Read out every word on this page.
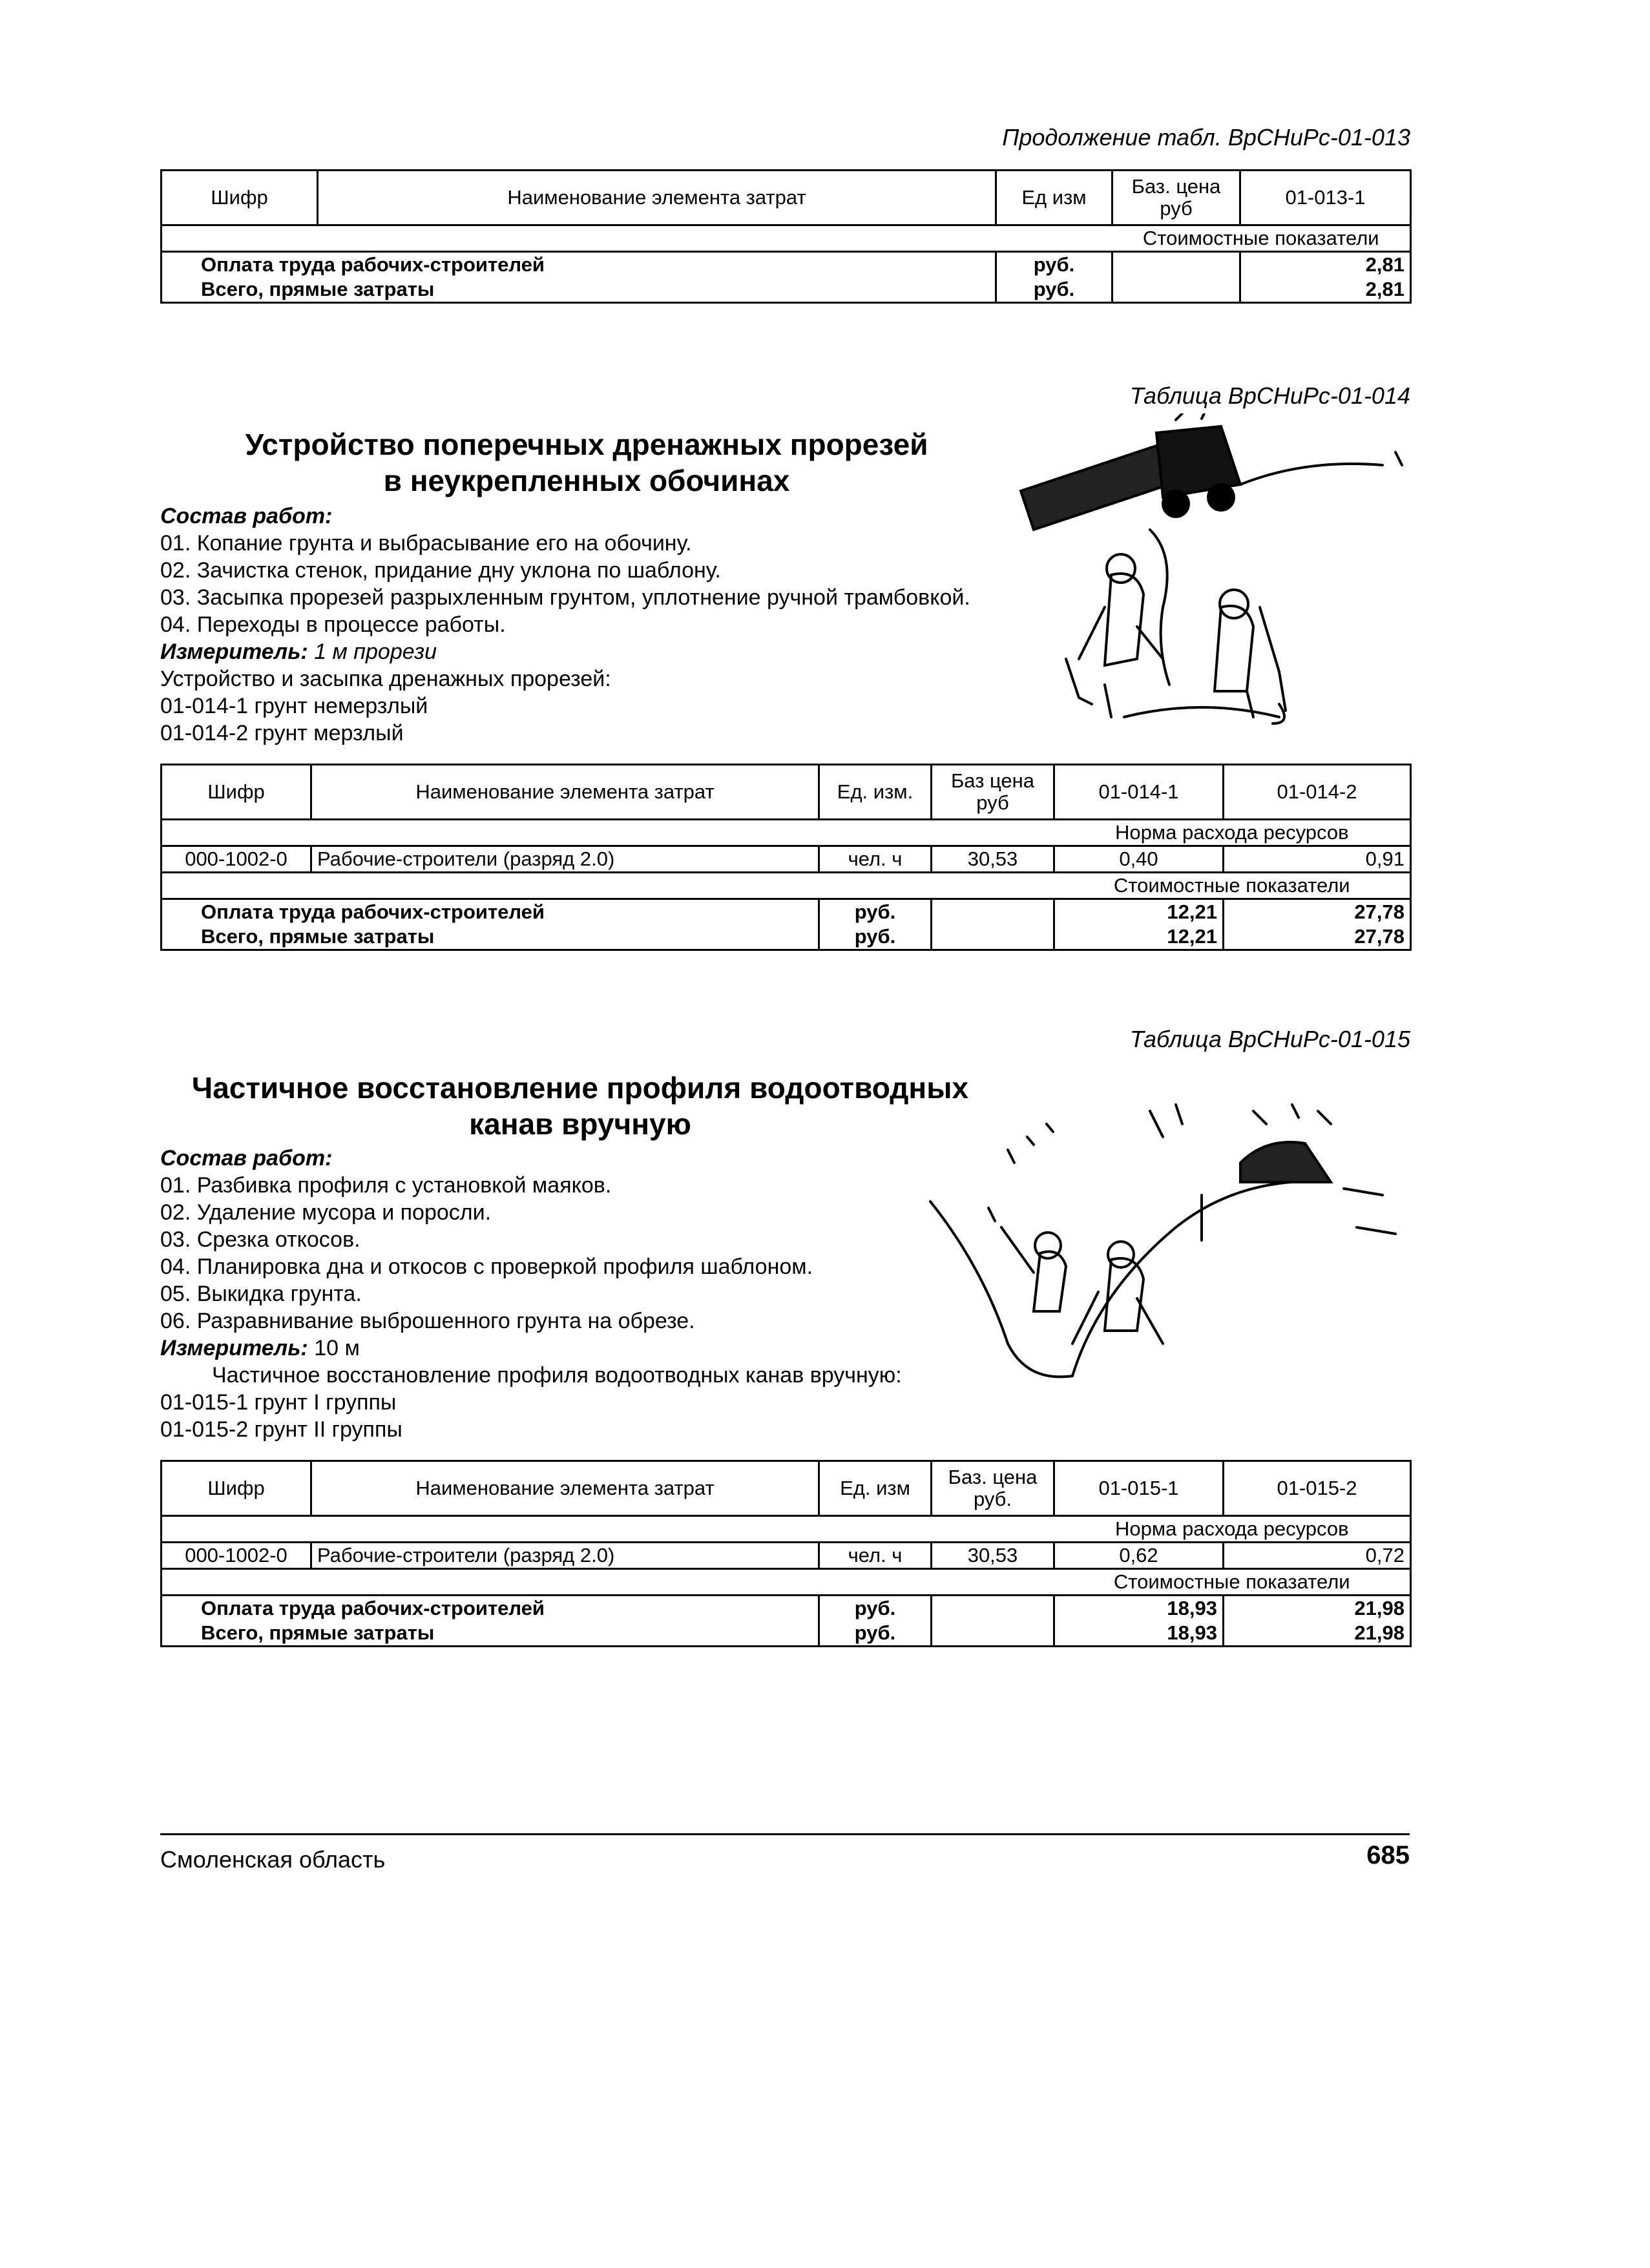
Продолжение табл. ВрСНиРс-01-013
Шифр	Наименование элемента затрат	Ед изм	Баз. цена руб	01-013-1
			Стоимостные показатели	
Оплата труда рабочих-строителей		руб.		2,81
Всего, прямые затраты		руб.		2,81
Таблица ВрСНиРс-01-014
Устройство поперечных дренажных прорезей
в неукрепленных обочинах
Состав работ:
01. Копание грунта и выбрасывание его на обочину.
02. Зачистка стенок, придание дну уклона по шаблону.
03. Засыпка прорезей разрыхленным грунтом, уплотнение ручной трамбовкой.
04. Переходы в процессе работы.
Измеритель: 1 м прорези
Устройство и засыпка дренажных прорезей:
01-014-1 грунт немерзлый
01-014-2 грунт мерзлый
Шифр	Наименование элемента затрат	Ед. изм.	Баз цена руб	01-014-1	01-014-2
				Норма расхода ресурсов	
000-1002-0	Рабочие-строители (разряд 2.0)	чел. ч	30,53	0,40	0,91
				Стоимостные показатели	
Оплата труда рабочих-строителей		руб.		12,21	27,78
Всего, прямые затраты		руб.		12,21	27,78
Таблица ВрСНиРс-01-015
Частичное восстановление профиля водоотводных
канав вручную
Состав работ:
01. Разбивка профиля с установкой маяков.
02. Удаление мусора и поросли.
03. Срезка откосов.
04. Планировка дна и откосов с проверкой профиля шаблоном.
05. Выкидка грунта.
06. Разравнивание выброшенного грунта на обрезе.
Измеритель: 10 м
Частичное восстановление профиля водоотводных канав вручную:
01-015-1 грунт I группы
01-015-2 грунт II группы
Шифр	Наименование элемента затрат	Ед. изм	Баз. цена руб.	01-015-1	01-015-2
				Норма расхода ресурсов	
000-1002-0	Рабочие-строители (разряд 2.0)	чел. ч	30,53	0,62	0,72
				Стоимостные показатели	
Оплата труда рабочих-строителей		руб.		18,93	21,98
Всего, прямые затраты		руб.		18,93	21,98
Смоленская область	685
